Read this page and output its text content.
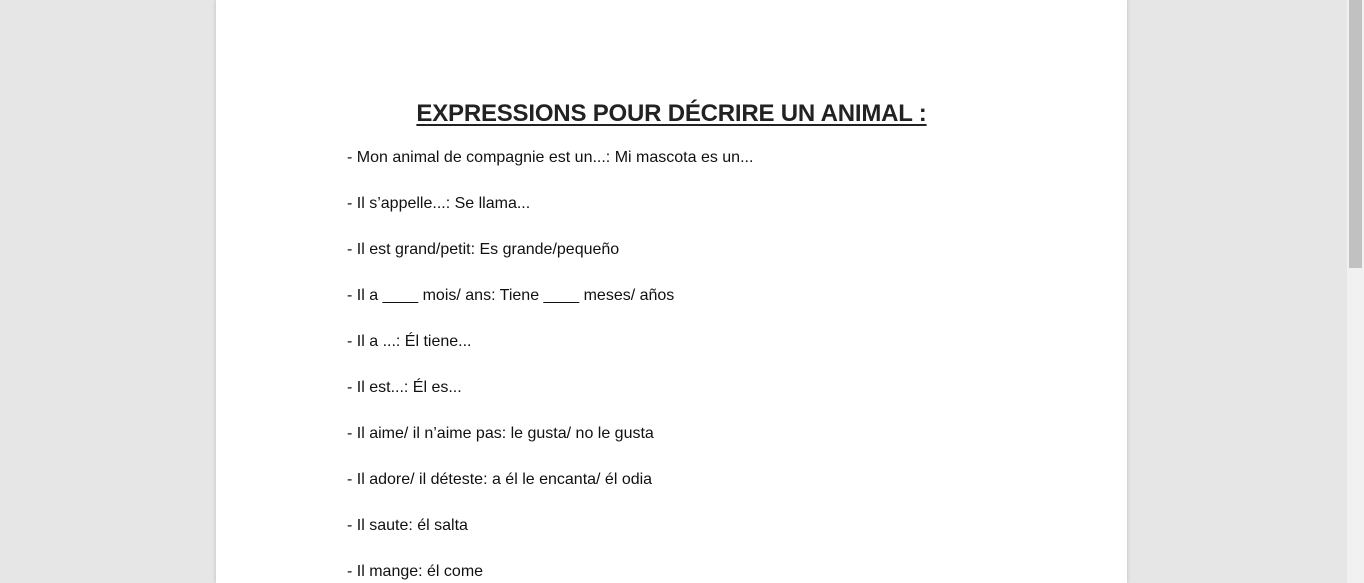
EXPRESSIONS POUR DÉCRIRE UN ANIMAL :
- Mon animal de compagnie est un...: Mi mascota es un...
- Il s’appelle...: Se llama...
- Il est grand/petit: Es grande/pequeño
- Il a ____ mois/ ans: Tiene ____ meses/ años
- Il a ...: Él tiene...
- Il est...: Él es...
- Il aime/ il n’aime pas: le gusta/ no le gusta
- Il adore/ il déteste: a él le encanta/ él odia
- Il saute: él salta
- Il mange: él come
